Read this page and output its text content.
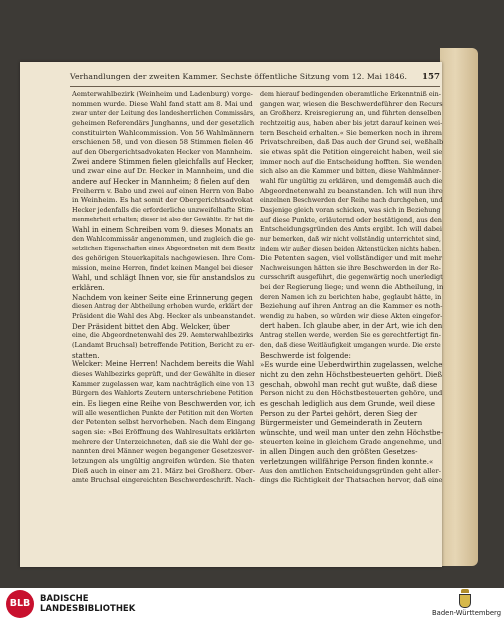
Verhandlungen der zweiten Kammer. Sechste öffentliche Sitzung vom 12. Mai 1846. 157
Aemterwahlbezirk (Weinheim und Ladenburg) vorge-
nommen wurde. Diese Wahl fand statt am 8. Mai und
zwar unter der Leitung des landesherrlichen Commissärs,
geheimen Referendärs Junghanns, und der gesetzlich
constituirten Wahlcommission. Von 56 Wahlmännern
erschienen 58, und von diesen 58 Stimmen fielen 46
auf den Obergerichtsadvokaten Hecker von Mannheim.
Zwei andere Stimmen fielen gleichfalls auf Hecker,
und zwar eine auf Dr. Hecker in Mannheim, und die
andere auf Hecker in Mannheim; 8 fielen auf den
Freiherrn v. Babo und zwei auf einen Herrn von Babo
in Weinheim. Es hat somit der Obergerichtsadvokat
Hecker jedenfalls die erforderliche unzweifelhafte Stim-
menmehrheit erhalten; dieser ist also der Gewählte. Er hat die
Wahl in einem Schreiben vom 9. dieses Monats an
den Wahlcommissär angenommen, und zugleich die ge-
setzlichen Eigenschaften eines Abgeordneten mit dem Besitz
des gehörigen Steuerkapitals nachgewiesen. Ihre Com-
mission, meine Herren, findet keinen Mangel bei dieser
Wahl, und schlägt Ihnen vor, sie für anstandslos zu
erklären.
Nachdem von keiner Seite eine Erinnerung gegen
diesen Antrag der Abtheilung erhoben wurde, erklärt der
Präsident die Wahl des Abg. Hecker als unbeanstandet.
Der Präsident bittet den Abg. Welcker, über
eine, die Abgeordnetenwahl des 29. Aemterwahlbezirks
(Landamt Bruchsal) betreffende Petition, Bericht zu er-
statten.
Welcker: Meine Herren! Nachdem bereits die Wahl
dieses Wahlbezirks geprüft, und der Gewählte in dieser
Kammer zugelassen war, kam nachträglich eine von 13
Bürgern des Wahlorts Zeutern unterschriebene Petition
ein. Es liegen eine Reihe von Beschwerden vor, ich
will alle wesentlichen Punkte der Petition mit den Worten
der Petenten selbst hervorheben. Nach dem Eingang
sagen sie: »Bei Eröffnung des Wahlresultats erklärten
mehrere der Unterzeichneten, daß sie die Wahl der ge-
nannten drei Männer wegen begangener Gesetzesver-
letzungen als ungültig angreifen würden. Sie thaten
Dieß auch in einer am 21. März bei Großherz. Ober-
amte Bruchsal eingereichten Beschwerdeschrift. Nach-
dem hierauf bedingenden oberamtliche Erkenntniß ein-
gangen war, wiesen die Beschwerdeführer den Recurs
an Großherz. Kreisregierung an, und führten denselben
rechtzeitig aus, haben aber bis jetzt darauf keinen wei-
tern Bescheid erhalten.« Sie bemerken noch in ihrem
Privatschreiben, daß Das auch der Grund sei, weßhalb
sie etwas spät die Petition eingereicht haben, weil sie
immer noch auf die Entscheidung hofften. Sie wenden
sich also an die Kammer und bitten, diese Wahlmänner-
wahl für ungültig zu erklären, und demgemäß auch die
Abgeordnetenwahl zu beanstanden. Ich will nun ihre
einzelnen Beschwerden der Reihe nach durchgehen, und
Dasjenige gleich voran schicken, was sich in Beziehung
auf diese Punkte, erläuternd oder bestätigend, aus den
Entscheidungsgründen des Amts ergibt. Ich will dabei
nur bemerken, daß wir nicht vollständig unterrichtet sind,
indem wir außer diesen beiden Aktenstücken nichts haben.
Die Petenten sagen, viel vollständiger und mit mehr
Nachweisungen hätten sie ihre Beschwerden in der Re-
cursschrift ausgeführt, die gegenwärtig noch unerledigt
bei der Regierung liege; und wenn die Abtheilung, in
deren Namen ich zu berichten habe, geglaubt hätte, in
Beziehung auf ihren Antrag an die Kammer es noth-
wendig zu haben, so würden wir diese Akten eingefor-
dert haben. Ich glaube aber, in der Art, wie ich den
Antrag stellen werde, werden Sie es gerechtfertigt fin-
den, daß diese Weitläufigkeit umgangen wurde. Die erste
Beschwerde ist folgende:
»Es wurde eine Ueberdwirthin zugelassen, welche
nicht zu den zehn Höchstbesteuerten gehört. Dieß
geschah, obwohl man recht gut wußte, daß diese
Person nicht zu den Höchstbesteuerten gehöre, und
es geschah lediglich aus dem Grunde, weil diese
Person zu der Partei gehört, deren Sieg der
Bürgermeister und Gemeinderath in Zeutern
wünschte, und weil man unter den zehn Höchstbe-
steuerten keine in gleichem Grade angenehme, und
in allen Dingen auch den größten Gesetzes-
verletzungen willfährige Person finden konnte.«
Aus den amtlichen Entscheidungsgründen geht aller-
dings die Richtigkeit der Thatsachen hervor, daß eine
BLB	BADISCHE
LANDESBIBLIOTHEK	Baden-Württemberg
